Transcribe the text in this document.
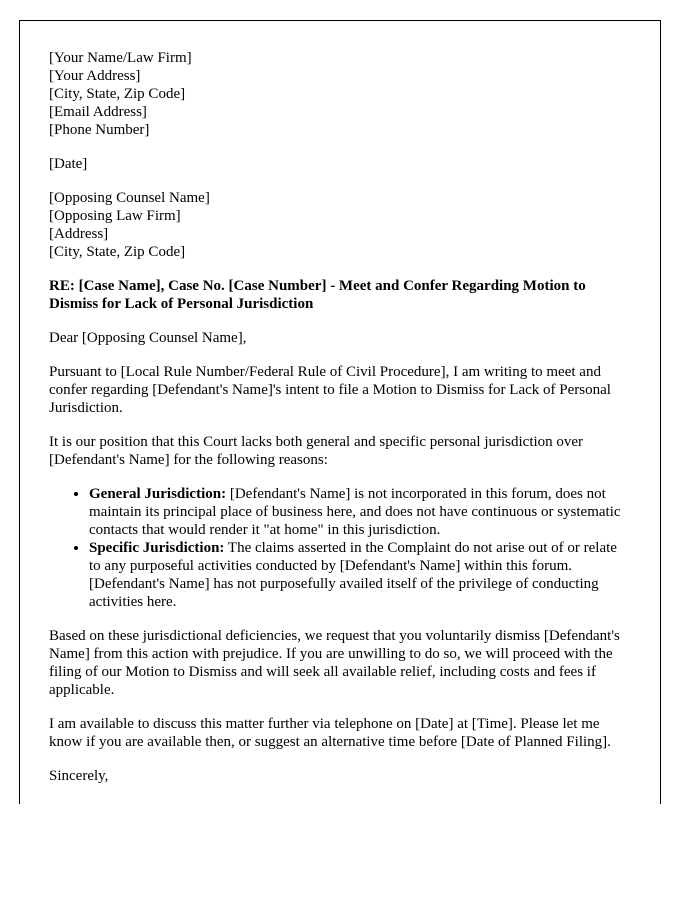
[Your Name/Law Firm]
[Your Address]
[City, State, Zip Code]
[Email Address]
[Phone Number]
[Date]
[Opposing Counsel Name]
[Opposing Law Firm]
[Address]
[City, State, Zip Code]

RE: [Case Name], Case No. [Case Number] - Meet and Confer Regarding Motion to Dismiss for Lack of Personal Jurisdiction

Dear [Opposing Counsel Name],

Pursuant to [Local Rule Number/Federal Rule of Civil Procedure], I am writing to meet and confer regarding [Defendant's Name]'s intent to file a Motion to Dismiss for Lack of Personal Jurisdiction.

It is our position that this Court lacks both general and specific personal jurisdiction over [Defendant's Name] for the following reasons:

• General Jurisdiction: [Defendant's Name] is not incorporated in this forum, does not maintain its principal place of business here, and does not have continuous or systematic contacts that would render it "at home" in this jurisdiction.
• Specific Jurisdiction: The claims asserted in the Complaint do not arise out of or relate to any purposeful activities conducted by [Defendant's Name] within this forum. [Defendant's Name] has not purposefully availed itself of the privilege of conducting activities here.

Based on these jurisdictional deficiencies, we request that you voluntarily dismiss [Defendant's Name] from this action with prejudice. If you are unwilling to do so, we will proceed with the filing of our Motion to Dismiss and will seek all available relief, including costs and fees if applicable.

I am available to discuss this matter further via telephone on [Date] at [Time]. Please let me know if you are available then, or suggest an alternative time before [Date of Planned Filing].

Sincerely,
